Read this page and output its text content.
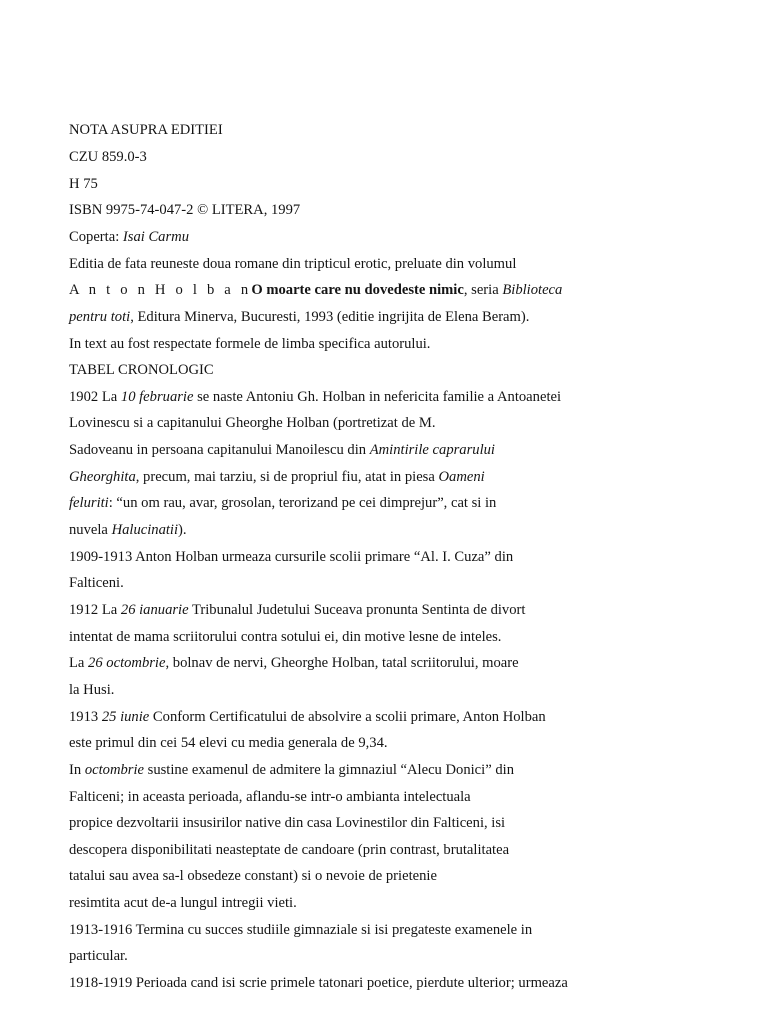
NOTA ASUPRA EDITIEI
CZU 859.0-3
H 75
ISBN 9975-74-047-2 © LITERA, 1997
Coperta: Isai Carmu
Editia de fata reuneste doua romane din tripticul erotic, preluate din volumul
A n t o n H o l b a nO moarte care nu dovedeste nimic, seria Biblioteca
pentru toti, Editura Minerva, Bucuresti, 1993 (editie ingrijita de Elena Beram).
In text au fost respectate formele de limba specifica autorului.
TABEL CRONOLOGIC
1902 La 10 februarie se naste Antoniu Gh. Holban in nefericita familie a Antoanetei
Lovinescu si a capitanului Gheorghe Holban (portretizat de M.
Sadoveanu in persoana capitanului Manoilescu din Amintirile caprarului
Gheorghita, precum, mai tarziu, si de propriul fiu, atat in piesa Oameni
feluriti: “un om rau, avar, grosolan, terorizand pe cei dimprejur”, cat si in
nuvela Halucinatii).
1909-1913 Anton Holban urmeaza cursurile scolii primare “Al. I. Cuza” din
Falticeni.
1912 La 26 ianuarie Tribunalul Judetului Suceava pronunta Sentinta de divort
intentat de mama scriitorului contra sotului ei, din motive lesne de inteles.
La 26 octombrie, bolnav de nervi, Gheorghe Holban, tatal scriitorului, moare
la Husi.
1913 25 iunie Conform Certificatului de absolvire a scolii primare, Anton Holban
este primul din cei 54 elevi cu media generala de 9,34.
In octombrie sustine examenul de admitere la gimnaziul “Alecu Donici” din
Falticeni; in aceasta perioada, aflandu-se intr-o ambianta intelectuala
propice dezvoltarii insusirilor native din casa Lovinestilor din Falticeni, isi
descopera disponibilitati neasteptate de candoare (prin contrast, brutalitatea
tatalui sau avea sa-l obsedeze constant) si o nevoie de prietenie
resimtita acut de-a lungul intregii vieti.
1913-1916 Termina cu succes studiile gimnaziale si isi pregateste examenele in
particular.
1918-1919 Perioada cand isi scrie primele tatonari poetice, pierdute ulterior; urmeaza
